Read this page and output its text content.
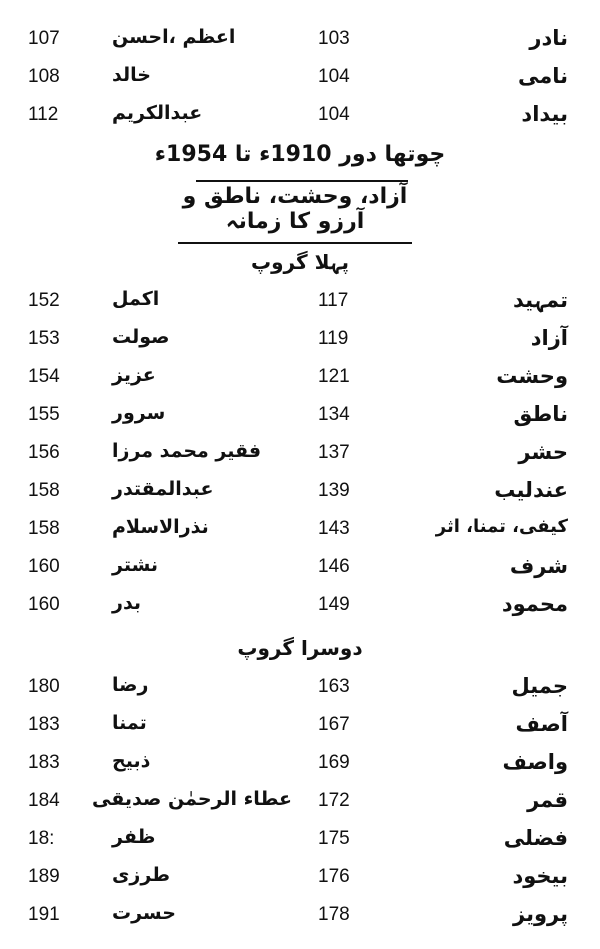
107	اعظم ،احسن	103	نادر
108	خالد	104	نامی
112	عبدالکریم	104	بیداد
چوتھا دور 1910ء تا 1954ء
آزاد، وحشت، ناطق و آرزو کا زمانہ
پہلا گروپ
152	اکمل	117	تمہید
153	صولت	119	آزاد
154	عزیز	121	وحشت
155	سرور	134	ناطق
156	فقیر محمد مرزا	137	حشر
158	عبدالمقتدر	139	عندلیب
158	نذرالاسلام	143	کیفی، تمنا، اثر
160	نشتر	146	شرف
160	بدر	149	محمود
دوسرا گروپ
180	رضا	163	جمیل
183	تمنا	167	آصف
183	ذبیح	169	واصف
184	عطاء الرحمٰن صدیقی	172	قمر
18:	ظفر	175	فضلی
189	طرزی	176	بیخود
191	حسرت	178	پرویز
